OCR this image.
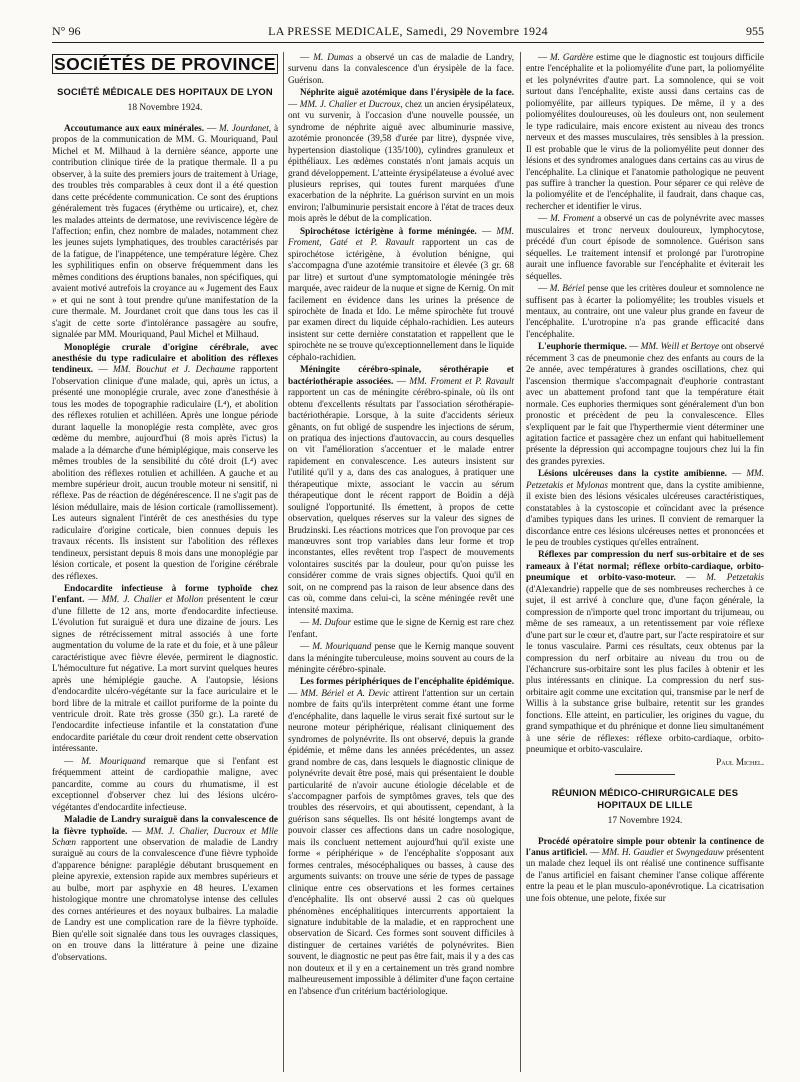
N° 96	LA PRESSE MEDICALE, Samedi, 29 Novembre 1924	955
SOCIÉTÉS DE PROVINCE
SOCIÉTÉ MÉDICALE DES HOPITAUX DE LYON
18 Novembre 1924.

Accoutumance aux eaux minérales. — M. Jourdanet, à propos de la communication de MM. G. Mouriquand, Paul Michel et M. Milhaud à la dernière séance, apporte une contribution clinique tirée de la pratique thermale. Il a pu observer, à la suite des premiers jours de traitement à Uriage, des troubles très comparables à ceux dont il a été question dans cette précédente communication. Ce sont des éruptions généralement très fugaces (érythème ou urticaire), et, chez les malades atteints de dermatose, une reviviscence légère de l'affection; enfin, chez nombre de malades, notamment chez les jeunes sujets lymphatiques, des troubles caractérisés par de la fatigue, de l'inappétence, une température légère. Chez les syphilitiques enfin on observe fréquemment dans les mêmes conditions des éruptions banales, non spécifiques, qui avaient motivé autrefois la croyance au « Jugement des Eaux » et qui ne sont à tout prendre qu'une manifestation de la cure thermale. M. Jourdanet croit que dans tous les cas il s'agit de cette sorte d'intolérance passagère au soufre, signalée par MM. Mouriquand, Paul Michel et Milhaud.

Monoplégie crurale d'origine cérébrale, avec anesthésie du type radiculaire et abolition des réflexes tendineux. — MM. Bouchut et J. Dechaume rapportent l'observation clinique d'une malade, qui, après un ictus, a présenté une monoplégie crurale, avec zone d'anesthésie à tous les modes de topographie radiculaire (L⁴), et abolition des réflexes rotulien et achilléen. Après une longue période durant laquelle la monoplégie resta complète, avec gros œdème du membre, aujourd'hui (8 mois après l'ictus) la malade a la démarche d'une hémiplégique, mais conserve les mêmes troubles de la sensibilité du côté droit (L⁴) avec abolition des réflexes rotulien et achilléen. A gauche et au membre supérieur droit, aucun trouble moteur ni sensitif, ni réflexe. Pas de réaction de dégénérescence. Il ne s'agit pas de lésion médullaire, mais de lésion corticale (ramollissement). Les auteurs signalent l'intérêt de ces anesthésies du type radiculaire d'origine corticale, bien connues depuis les travaux récents. Ils insistent sur l'abolition des réflexes tendineux, persistant depuis 8 mois dans une monoplégie par lésion corticale, et posent la question de l'origine cérébrale des réflexes.

Endocardite infectieuse à forme typhoïde chez l'enfant. — MM. J. Chalier et Mollon présentent le cœur d'une fillette de 12 ans, morte d'endocardite infectieuse. L'évolution fut suraiguë et dura une dizaine de jours. Les signes de rétrécissement mitral associés à une forte augmentation du volume de la rate et du foie, et à une pâleur caractéristique avec fièvre élevée, permirent le diagnostic. L'hémoculture fut négative. La mort survint quelques heures après une hémiplégie gauche. A l'autopsie, lésions d'endocardite ulcéro-végétante sur la face auriculaire et le bord libre de la mitrale et caillot puriforme de la pointe du ventricule droit. Rate très grosse (350 gr.). La rareté de l'endocardite infectieuse infantile et la constatation d'une endocardite pariétale du cœur droit rendent cette observation intéressante.

— M. Mouriquand remarque que si l'enfant est fréquemment atteint de cardiopathie maligne, avec pancardite, comme au cours du rhumatisme, il est exceptionnel d'observer chez lui des lésions ulcéro-végétantes d'endocardite infectieuse.

Maladie de Landry suraiguë dans la convalescence de la fièvre typhoïde. — MM. J. Chalier, Ducroux et Mlle Schœn rapportent une observation de maladie de Landry suraiguë au cours de la convalescence d'une fièvre typhoïde d'apparence bénigne: paraplégie débutant brusquement en pleine apyrexie, extension rapide aux membres supérieurs et au bulbe, mort par asphyxie en 48 heures. L'examen histologique montre une chromatolyse intense des cellules des cornes antérieures et des noyaux bulbaires. La maladie de Landry est une complication rare de la fièvre typhoïde. Bien qu'elle soit signalée dans tous les ouvrages classiques, on en trouve dans la littérature à peine une dizaine d'observations.

— M. Dumas a observé un cas de maladie de Landry, survenu dans la convalescence d'un érysipèle de la face. Guérison.

Néphrite aiguë azotémique dans l'érysipèle de la face. — MM. J. Chalier et Ducroux, chez un ancien érysipélateux, ont vu survenir, à l'occasion d'une nouvelle poussée, un syndrome de néphrite aiguë avec albuminurie massive, azotémie prononcée (39,58 d'urée par litre), dyspnée vive, hypertension diastolique (135/100), cylindres granuleux et épithéliaux. Les œdèmes constatés n'ont jamais acquis un grand développement. L'atteinte érysipélateuse a évolué avec plusieurs reprises, qui toutes furent marquées d'une exacerbation de la néphrite. La guérison survint en un mois environ; l'albuminurie persistait encore à l'état de traces deux mois après le début de la complication.

Spirochétose ictérigène à forme méningée. — MM. Froment, Gaté et P. Ravault rapportent un cas de spirochétose ictérigène, à évolution bénigne, qui s'accompagna d'une azotémie transitoire et élevée (3 gr. 68 par litre) et surtout d'une symptomatologie méningée très marquée, avec raideur de la nuque et signe de Kernig. On mit facilement en évidence dans les urines la présence de spirochète de Inada et Ido. Le même spirochète fut trouvé par examen direct du liquide céphalo-rachidien. Les auteurs insistent sur cette dernière constatation et rappellent que le spirochète ne se trouve qu'exceptionnellement dans le liquide céphalo-rachidien.

Méningite cérébro-spinale, sérothérapie et bactériothérapie associées. — MM. Froment et P. Ravault rapportent un cas de méningite cérébro-spinale, où ils ont obtenu d'excellents résultats par l'association sérothérapie-bactériothérapie. Lorsque, à la suite d'accidents sérieux gênants, on fut obligé de suspendre les injections de sérum, on pratiqua des injections d'autovaccin, au cours desquelles on vit l'amélioration s'accentuer et le malade entrer rapidement en convalescence. Les auteurs insistent sur l'utilité qu'il y a, dans des cas analogues, à pratiquer une thérapeutique mixte, associant le vaccin au sérum thérapeutique dont le récent rapport de Boidin a déjà souligné l'opportunité. Ils émettent, à propos de cette observation, quelques réserves sur la valeur des signes de Brudzinski. Les réactions motrices que l'on provoque par ces manœuvres sont trop variables dans leur forme et trop inconstantes, elles revêtent trop l'aspect de mouvements volontaires suscités par la douleur, pour qu'on puisse les considérer comme de vrais signes objectifs. Quoi qu'il en soit, on ne comprend pas la raison de leur absence dans des cas où, comme dans celui-ci, la scène méningée revêt une intensité maxima.

— M. Dufour estime que le signe de Kernig est rare chez l'enfant.

— M. Mouriquand pense que le Kernig manque souvent dans la méningite tuberculeuse, moins souvent au cours de la méningite cérébro-spinale.

Les formes périphériques de l'encéphalite épidémique. — MM. Bériel et A. Devic attirent l'attention sur un certain nombre de faits qu'ils interprètent comme étant une forme d'encéphalite, dans laquelle le virus serait fixé surtout sur le neurone moteur périphérique, réalisant cliniquement des syndromes de polynévrite. Ils ont observé, depuis la grande épidémie, et même dans les années précédentes, un assez grand nombre de cas, dans lesquels le diagnostic clinique de polynévrite devait être posé, mais qui présentaient le double particularité de n'avoir aucune étiologie décelable et de s'accompagner parfois de symptômes graves, tels que des troubles des réservoirs, et qui aboutissent, cependant, à la guérison sans séquelles. Ils ont hésité longtemps avant de pouvoir classer ces affections dans un cadre nosologique, mais ils concluent nettement aujourd'hui qu'il existe une forme « périphérique » de l'encéphalite s'opposant aux formes centrales, mésocéphaliques ou basses, à cause des arguments suivants: on trouve une série de types de passage clinique entre ces observations et les formes certaines d'encéphalite. Ils ont observé aussi 2 cas où quelques phénomènes encéphalitiques intercurrents apportaient la signature indubitable de la maladie, et en rapprochent une observation de Sicard. Ces formes sont souvent difficiles à distinguer de certaines variétés de polynévrites. Bien souvent, le diagnostic ne peut pas être fait, mais il y a des cas non douteux et il y en a certainement un très grand nombre malheureusement impossible à délimiter d'une façon certaine en l'absence d'un critérium bactériologique.

— M. Gardère estime que le diagnostic est toujours difficile entre l'encéphalite et la poliomyélite d'une part, la poliomyélite et les polynévrites d'autre part. La somnolence, qui se voit surtout dans l'encéphalite, existe aussi dans certains cas de poliomyélite, par ailleurs typiques. De même, il y a des poliomyélites douloureuses, où les douleurs ont, non seulement le type radiculaire, mais encore existent au niveau des troncs nerveux et des masses musculaires, très sensibles à la pression. Il est probable que le virus de la poliomyélite peut donner des lésions et des syndromes analogues dans certains cas au virus de l'encéphalite. La clinique et l'anatomie pathologique ne peuvent pas suffire à trancher la question. Pour séparer ce qui relève de la poliomyélite et de l'encéphalite, il faudrait, dans chaque cas, rechercher et identifier le virus.

— M. Froment a observé un cas de polynévrite avec masses musculaires et tronc nerveux douloureux, lymphocytose, précédé d'un court épisode de somnolence. Guérison sans séquelles. Le traitement intensif et prolongé par l'urotropine aurait une influence favorable sur l'encéphalite et éviterait les séquelles.

— M. Bériel pense que les critères douleur et somnolence ne suffisent pas à écarter la poliomyélite; les troubles visuels et mentaux, au contraire, ont une valeur plus grande en faveur de l'encéphalite. L'urotropine n'a pas grande efficacité dans l'encéphalite.

L'euphorie thermique. — MM. Weill et Bertoye ont observé récemment 3 cas de pneumonie chez des enfants au cours de la 2e année, avec températures à grandes oscillations, chez qui l'ascension thermique s'accompagnait d'euphorie contrastant avec un abattement profond tant que la température était normale. Ces euphories thermiques sont généralement d'un bon pronostic et précèdent de peu la convalescence. Elles s'expliquent par le fait que l'hyperthermie vient déterminer une agitation factice et passagère chez un enfant qui habituellement présente la dépression qui accompagne toujours chez lui la fin des grandes pyrexies.

Lésions ulcéreuses dans la cystite amibienne. — MM. Petzetakis et Mylonas montrent que, dans la cystite amibienne, il existe bien des lésions vésicales ulcéreuses caractéristiques, constatables à la cystoscopie et coïncidant avec la présence d'amibes typiques dans les urines. Il convient de remarquer la discordance entre ces lésions ulcéreuses nettes et prononcées et le peu de troubles cystiques qu'elles entraînent.

Réflexes par compression du nerf sus-orbitaire et de ses rameaux à l'état normal; réflexe orbito-cardiaque, orbito-pneumique et orbito-vaso-moteur. — M. Petzetakis (d'Alexandrie) rappelle que de ses nombreuses recherches à ce sujet, il est arrivé à conclure que, d'une façon générale, la compression de n'importe quel tronc important du trijumeau, ou même de ses rameaux, a un retentissement par voie réflexe d'une part sur le cœur et, d'autre part, sur l'acte respiratoire et sur le tonus vasculaire. Parmi ces résultats, ceux obtenus par la compression du nerf orbitaire au niveau du trou ou de l'échancrure sus-orbitaire sont les plus faciles à obtenir et les plus intéressants en clinique. La compression du nerf sus-orbitaire agit comme une excitation qui, transmise par le nerf de Willis à la substance grise bulbaire, retentit sur les grandes fonctions. Elle atteint, en particulier, les origines du vague, du grand sympathique et du phrénique et donne lieu simultanément à une série de réflexes: réflexe orbito-cardiaque, orbito-pneumique et orbito-vasculaire.

Paul Michel.
RÉUNION MÉDICO-CHIRURGICALE DES HOPITAUX DE LILLE
17 Novembre 1924.

Procédé opératoire simple pour obtenir la continence de l'anus artificiel. — MM. H. Gaudier et Swyngedauw présentent un malade chez lequel ils ont réalisé une continence suffisante de l'anus artificiel en faisant cheminer l'anse colique afférente entre la peau et le plan musculo-aponévrotique. La cicatrisation une fois obtenue, une pelote, fixée sur
